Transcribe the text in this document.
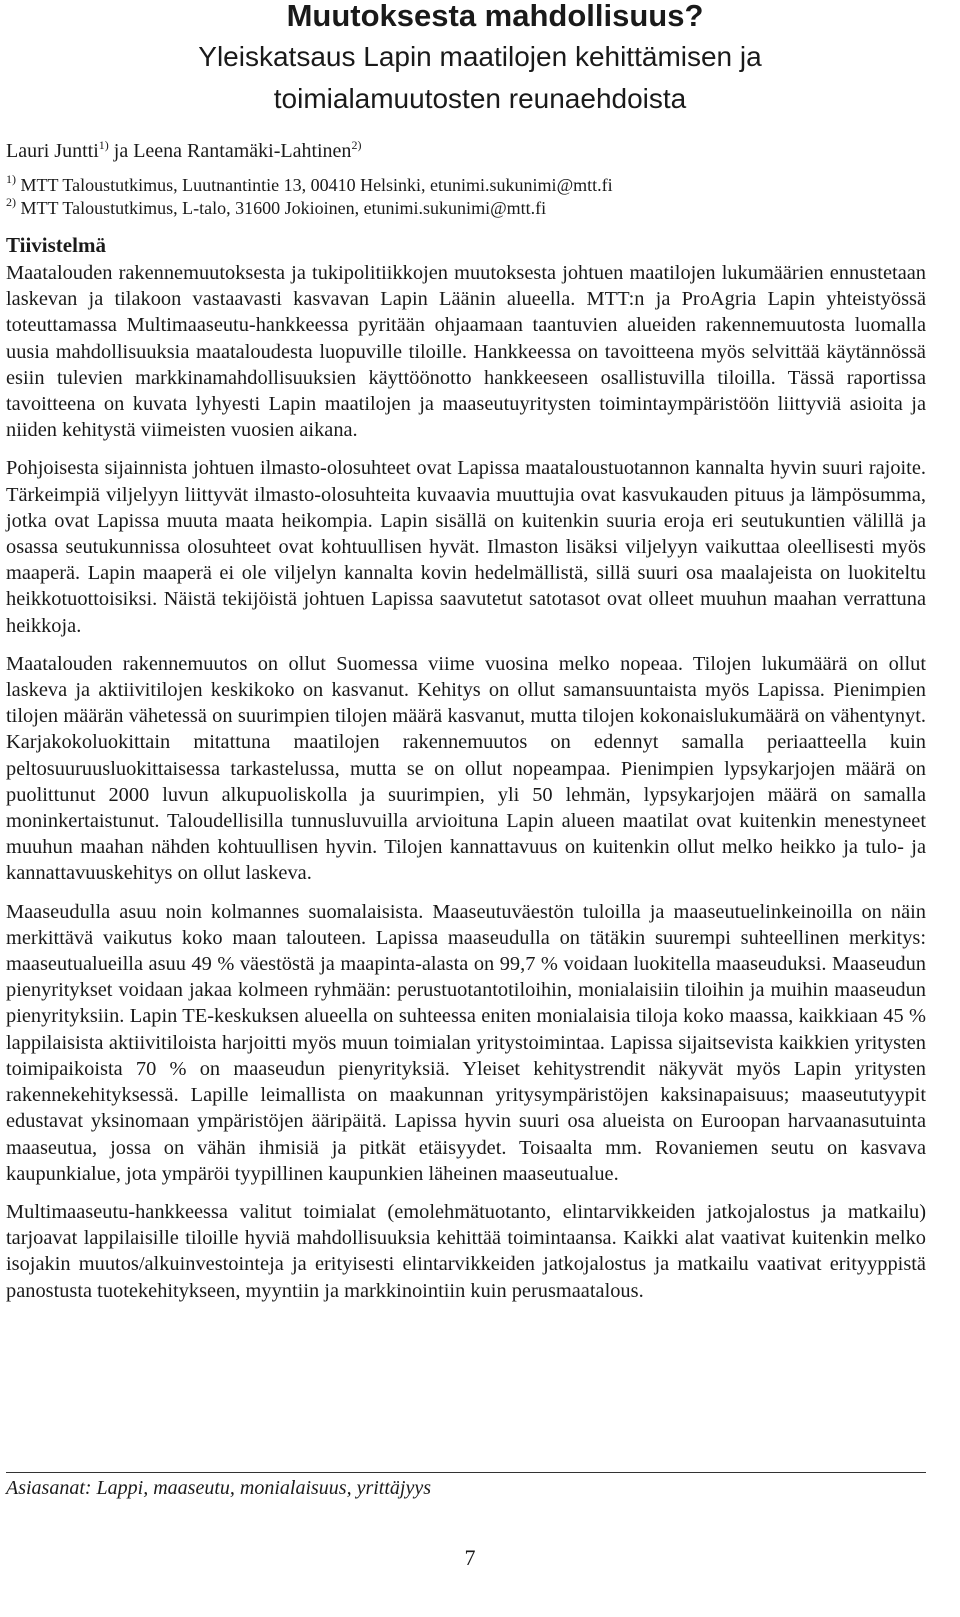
Muutoksesta mahdollisuus?
Yleiskatsaus Lapin maatilojen kehittämisen ja
toimialamuutosten reunaehdoista
Lauri Juntti$^{1)}$ ja Leena Rantamäki-Lahtinen$^{2)}$
$^{1)}$ MTT Taloustutkimus, Luutnantintie 13, 00410 Helsinki, etunimi.sukunimi@mtt.fi
$^{2)}$ MTT Taloustutkimus, L-talo, 31600 Jokioinen, etunimi.sukunimi@mtt.fi
Tiivistelmä

Maatalouden rakennemuutoksesta ja tukipolitiikkojen muutoksesta johtuen maatilojen lukumäärien ennustetaan laskevan ja tilakoon vastaavasti kasvavan Lapin Läänin alueella. MTT:n ja ProAgria Lapin yhteistyössä toteuttamassa Multimaaseutu-hankkeessa pyritään ohjaamaan taantuvien alueiden rakennemuutosta luomalla uusia mahdollisuuksia maataloudesta luopuville tiloille. Hankkeessa on tavoitteena myös selvittää käytännössä esiin tulevien markkinamahdollisuuksien käyttöönotto hankkeeseen osallistuvilla tiloilla. Tässä raportissa tavoitteena on kuvata lyhyesti Lapin maatilojen ja maaseutuyritysten toimintaympäristöön liittyviä asioita ja niiden kehitystä viimeisten vuosien aikana.

Pohjoisesta sijainnista johtuen ilmasto-olosuhteet ovat Lapissa maataloustuotannon kannalta hyvin suuri rajoite. Tärkeimpiä viljelyyn liittyvät ilmasto-olosuhteita kuvaavia muuttujia ovat kasvukauden pituus ja lämpösumma, jotka ovat Lapissa muuta maata heikompia. Lapin sisällä on kuitenkin suuria eroja eri seutukuntien välillä ja osassa seutukunnissa olosuhteet ovat kohtuullisen hyvät. Ilmaston lisäksi viljelyyn vaikuttaa oleellisesti myös maaperä. Lapin maaperä ei ole viljelyn kannalta kovin hedelmällistä, sillä suuri osa maalajeista on luokiteltu heikkotuottoisiksi. Näistä tekijöistä johtuen Lapissa saavutetut satotasot ovat olleet muuhun maahan verrattuna heikkoja.

Maatalouden rakennemuutos on ollut Suomessa viime vuosina melko nopeaa. Tilojen lukumäärä on ollut laskeva ja aktiivitilojen keskikoko on kasvanut. Kehitys on ollut samansuuntaista myös Lapissa. Pienimpien tilojen määrän vähetessä on suurimpien tilojen määrä kasvanut, mutta tilojen kokonaislukumäärä on vähentynyt. Karjakokoluokittain mitattuna maatilojen rakennemuutos on edennyt samalla periaatteella kuin peltosuuruusluokittaisessa tarkastelussa, mutta se on ollut nopeampaa. Pienimpien lypsykarjojen määrä on puolittunut 2000 luvun alkupuoliskolla ja suurimpien, yli 50 lehmän, lypsykarjojen määrä on samalla moninkertaistunut. Taloudellisilla tunnusluvuilla arvioituna Lapin alueen maatilat ovat kuitenkin menestyneet muuhun maahan nähden kohtuullisen hyvin. Tilojen kannattavuus on kuitenkin ollut melko heikko ja tulo- ja kannattavuuskehitys on ollut laskeva.

Maaseudulla asuu noin kolmannes suomalaisista. Maaseutuväestön tuloilla ja maaseutuelinkeinoilla on näin merkittävä vaikutus koko maan talouteen. Lapissa maaseudulla on tätäkin suurempi suhteellinen merkitys: maaseutualueilla asuu 49 % väestöstä ja maapinta-alasta on 99,7 % voidaan luokitella maaseuduksi. Maaseudun pienyritykset voidaan jakaa kolmeen ryhmään: perustuotantotiloihin, monialaisiin tiloihin ja muihin maaseudun pienyrityksiin. Lapin TE-keskuksen alueella on suhteessa eniten monialaisia tiloja koko maassa, kaikkiaan 45 % lappilaisista aktiivitiloista harjoitti myös muun toimialan yritystoimintaa. Lapissa sijaitsevista kaikkien yritysten toimipaikoista 70 % on maaseudun pienyrityksiä. Yleiset kehitystrendit näkyvät myös Lapin yritysten rakennekehityksessä. Lapille leimallista on maakunnan yritysympäristöjen kaksinapaisuus; maaseututyypit edustavat yksinomaan ympäristöjen ääripäitä. Lapissa hyvin suuri osa alueista on Euroopan harvaanasutuinta maaseutua, jossa on vähän ihmisiä ja pitkät etäisyydet. Toisaalta mm. Rovaniemen seutu on kasvava kaupunkialue, jota ympäröi tyypillinen kaupunkien läheinen maaseutualue.

Multimaaseutu-hankkeessa valitut toimialat (emolehmätuotanto, elintarvikkeiden jatkojalostus ja matkailu) tarjoavat lappilaisille tiloille hyviä mahdollisuuksia kehittää toimintaansa. Kaikki alat vaativat kuitenkin melko isojakin muutos/alkuinvestointeja ja erityisesti elintarvikkeiden jatkojalostus ja matkailu vaativat erityyppistä panostusta tuotekehitykseen, myyntiin ja markkinointiin kuin perusmaatalous.

Asiasanat: Lappi, maaseutu, monialaisuus, yrittäjyys
7
